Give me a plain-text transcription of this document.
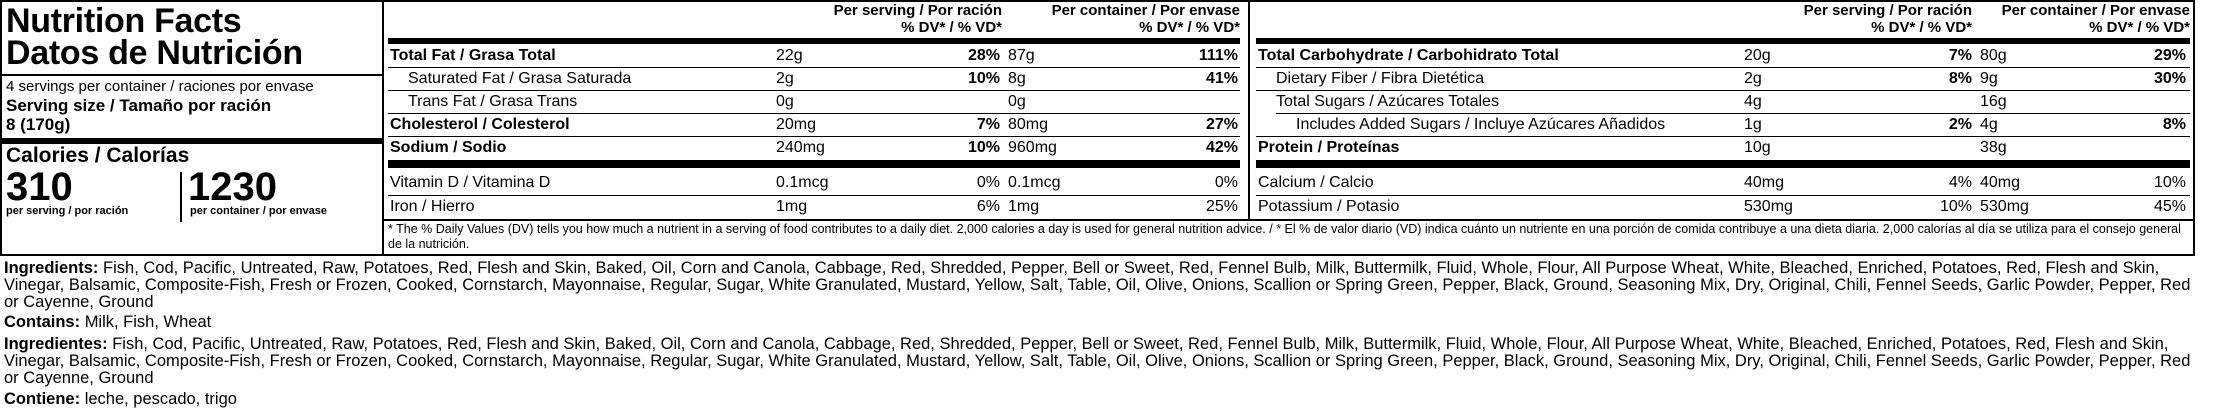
Nutrition Facts
Datos de Nutrición
4 servings per container / raciones por envase
Serving size / Tamaño por ración
8 (170g)
Calories / Calorías
310
per serving / por ración
1230
per container / por envase
Per serving / Por ración
% DV* / % VD*
Per container / Por envase
% DV* / % VD*
Per serving / Por ración
% DV* / % VD*
Per container / Por envase
% DV* / % VD*
Total Fat / Grasa Total	22g	28% 87g	111%
Saturated Fat / Grasa Saturada	2g	10% 8g	41%
Trans Fat / Grasa Trans	0g	0g
Cholesterol / Colesterol	20mg	7% 80mg	27%
Sodium / Sodio	240mg	10% 960mg	42%
Vitamin D / Vitamina D	0.1mcg	0% 0.1mcg	0%
Iron / Hierro	1mg	6% 1mg	25%
Total Carbohydrate / Carbohidrato Total	20g	7% 80g	29%
Dietary Fiber / Fibra Dietética	2g	8% 9g	30%
Total Sugars / Azúcares Totales	4g	16g
Includes Added Sugars / Incluye Azúcares Añadidos	1g	2% 4g	8%
Protein / Proteínas	10g	38g
Calcium / Calcio	40mg	4% 40mg	10%
Potassium / Potasio	530mg	10% 530mg	45%
* The % Daily Values (DV) tells you how much a nutrient in a serving of food contributes to a daily diet. 2,000 calories a day is used for general nutrition advice. / * El % de valor diario (VD) indica cuánto un nutriente en una porción de comida contribuye a una dieta diaria. 2,000 calorías al día se utiliza para el consejo general de la nutrición.
Ingredients: Fish, Cod, Pacific, Untreated, Raw, Potatoes, Red, Flesh and Skin, Baked, Oil, Corn and Canola, Cabbage, Red, Shredded, Pepper, Bell or Sweet, Red, Fennel Bulb, Milk, Buttermilk, Fluid, Whole, Flour, All Purpose Wheat, White, Bleached, Enriched, Potatoes, Red, Flesh and Skin, Vinegar, Balsamic, Composite-Fish, Fresh or Frozen, Cooked, Cornstarch, Mayonnaise, Regular, Sugar, White Granulated, Mustard, Yellow, Salt, Table, Oil, Olive, Onions, Scallion or Spring Green, Pepper, Black, Ground, Seasoning Mix, Dry, Original, Chili, Fennel Seeds, Garlic Powder, Pepper, Red or Cayenne, Ground
Contains: Milk, Fish, Wheat
Ingredientes: Fish, Cod, Pacific, Untreated, Raw, Potatoes, Red, Flesh and Skin, Baked, Oil, Corn and Canola, Cabbage, Red, Shredded, Pepper, Bell or Sweet, Red, Fennel Bulb, Milk, Buttermilk, Fluid, Whole, Flour, All Purpose Wheat, White, Bleached, Enriched, Potatoes, Red, Flesh and Skin, Vinegar, Balsamic, Composite-Fish, Fresh or Frozen, Cooked, Cornstarch, Mayonnaise, Regular, Sugar, White Granulated, Mustard, Yellow, Salt, Table, Oil, Olive, Onions, Scallion or Spring Green, Pepper, Black, Ground, Seasoning Mix, Dry, Original, Chili, Fennel Seeds, Garlic Powder, Pepper, Red or Cayenne, Ground
Contiene: leche, pescado, trigo
